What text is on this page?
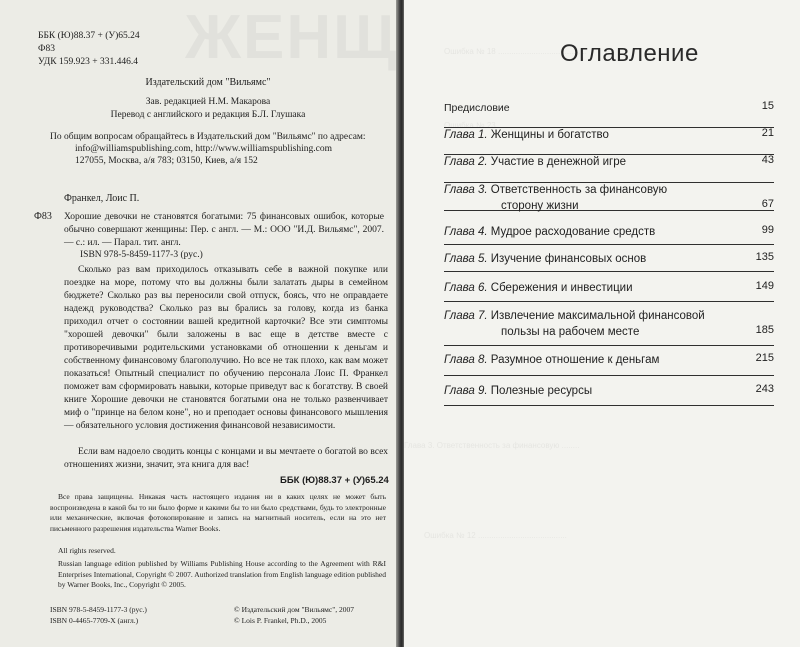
ББК (Ю)88.37 + (У)65.24
Ф83
УДК 159.923 + 331.446.4
Издательский дом "Вильямс"
Зав. редакцией Н.М. Макарова
Перевод с английского и редакция Б.Л. Глушака
По общим вопросам обращайтесь в Издательский дом "Вильямс" по адресам:
info@williamspublishing.com, http://www.williamspublishing.com
127055, Москва, а/я 783; 03150, Киев, а/я 152
Франкел, Лоис П.
Ф83 Хорошие девочки не становятся богатыми: 75 финансовых ошибок, которые обычно совершают женщины: Пер. с англ. — М.: ООО "И.Д. Вильямс", 2007. — с.: ил. — Парал. тит. англ.
ISBN 978-5-8459-1177-3 (рус.)
Сколько раз вам приходилось отказывать себе в важной покупке или поездке на море, потому что вы должны были залатать дыры в семейном бюджете? Сколько раз вы переносили свой отпуск, боясь, что не оправдаете надежд руководства? Сколько раз вы брались за голову, когда из банка приходил отчет о состоянии вашей кредитной карточки? Все эти симптомы "хорошей девочки" были заложены в вас еще в детстве вместе с противоречивыми родительскими установками об отношении к деньгам и собственному финансовому благополучию. Но все не так плохо, как вам может показаться! Опытный специалист по обучению персонала Лоис П. Франкел поможет вам сформировать навыки, которые приведут вас к богатству. В своей книге Хорошие девочки не становятся богатыми она не только развенчивает миф о "принце на белом коне", но и преподает основы финансового мышления — обязательного условия достижения финансовой независимости.
Если вам надоело сводить концы с концами и вы мечтаете о богатой во всех отношениях жизни, значит, эта книга для вас!
ББК (Ю)88.37 + (У)65.24
Все права защищены. Никакая часть настоящего издания ни в каких целях не может быть воспроизведена в какой бы то ни было форме и какими бы то ни было средствами, будь то электронные или механические, включая фотокопирование и запись на магнитный носитель, если на это нет письменного разрешения издательства Warner Books.
All rights reserved.
Russian language edition published by Williams Publishing House according to the Agreement with R&I Enterprises International, Copyright © 2007. Authorized translation from English language edition published by Warner Books, Inc., Copyright © 2005.
ISBN 978-5-8459-1177-3 (рус.)
ISBN 0-4465-7709-X (англ.)
© Издательский дом "Вильямс", 2007
© Lois P. Frankel, Ph.D., 2005
Ошибка № 18 ........................................
Ошибка № 23 ........................................
Глава 3. Ответственность за финансовую ........
Ошибка № 12 ........................................
Оглавление
Предисловие	15
Глава 1. Женщины и богатство	21
Глава 2. Участие в денежной игре	43
Глава 3. Ответственность за финансовую
сторону жизни	67
Глава 4. Мудрое расходование средств	99
Глава 5. Изучение финансовых основ	135
Глава 6. Сбережения и инвестиции	149
Глава 7. Извлечение максимальной финансовой
пользы на рабочем месте	185
Глава 8. Разумное отношение к деньгам	215
Глава 9. Полезные ресурсы	243
